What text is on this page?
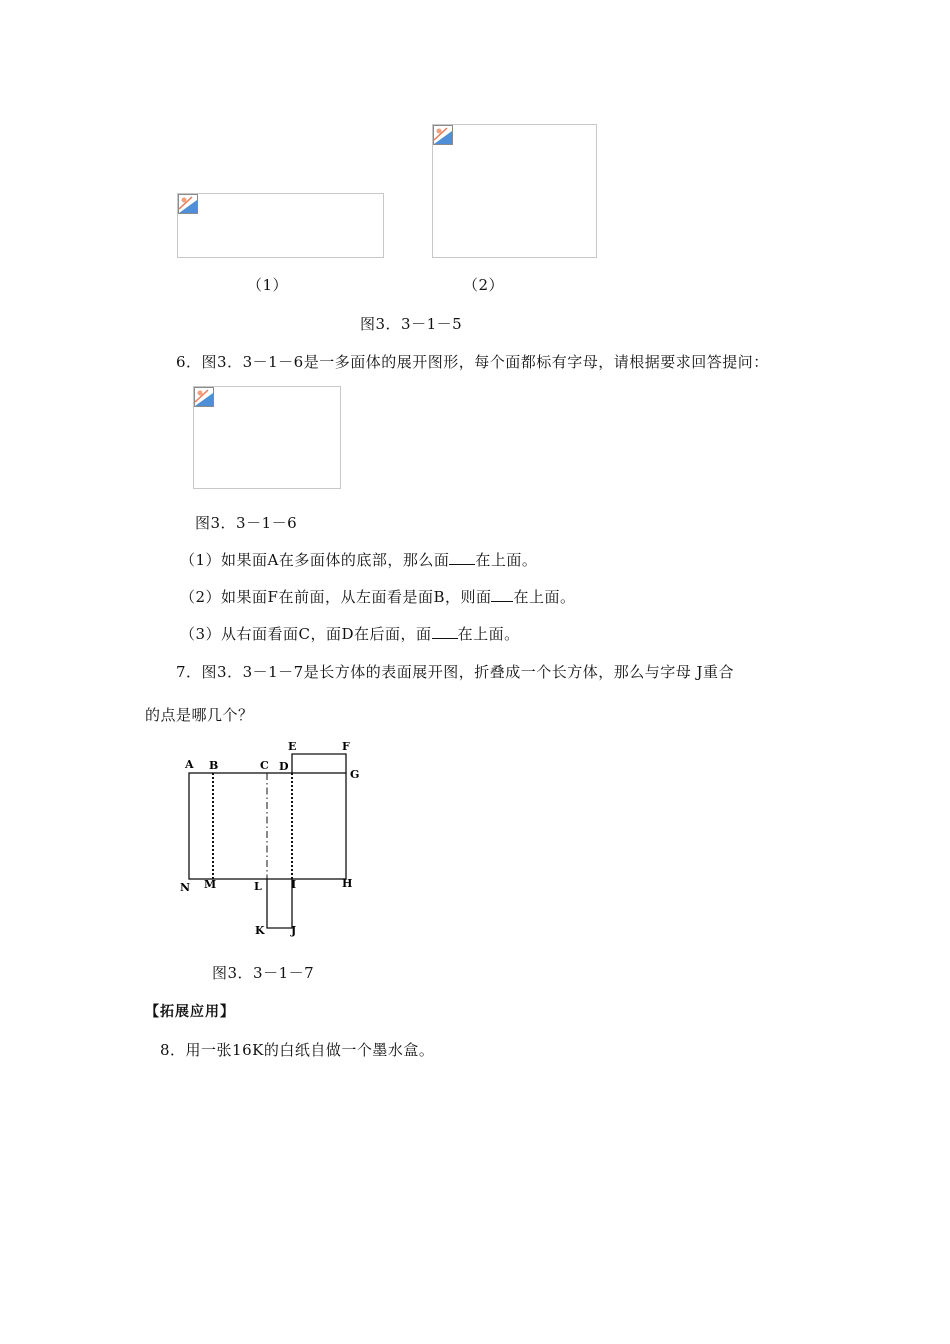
（1）	（2）
图3．3－1－5
6．图3．3－1－6是一多面体的展开图形，每个面都标有字母，请根据要求回答提问：
图3．3－1－6
（1）如果面A在多面体的底部，那么面 在上面。
（2）如果面F在前面，从左面看是面B，则面 在上面。
（3）从右面看面C，面D在后面，面 在上面。
7．图3．3－1－7是长方体的表面展开图，折叠成一个长方体，那么与字母 J重合
的点是哪几个？
A B	C D
E	F
G
H
I
J
K
L
M
N
图3．3－1－7
【拓展应用】
8．用一张16K的白纸自做一个墨水盒。
